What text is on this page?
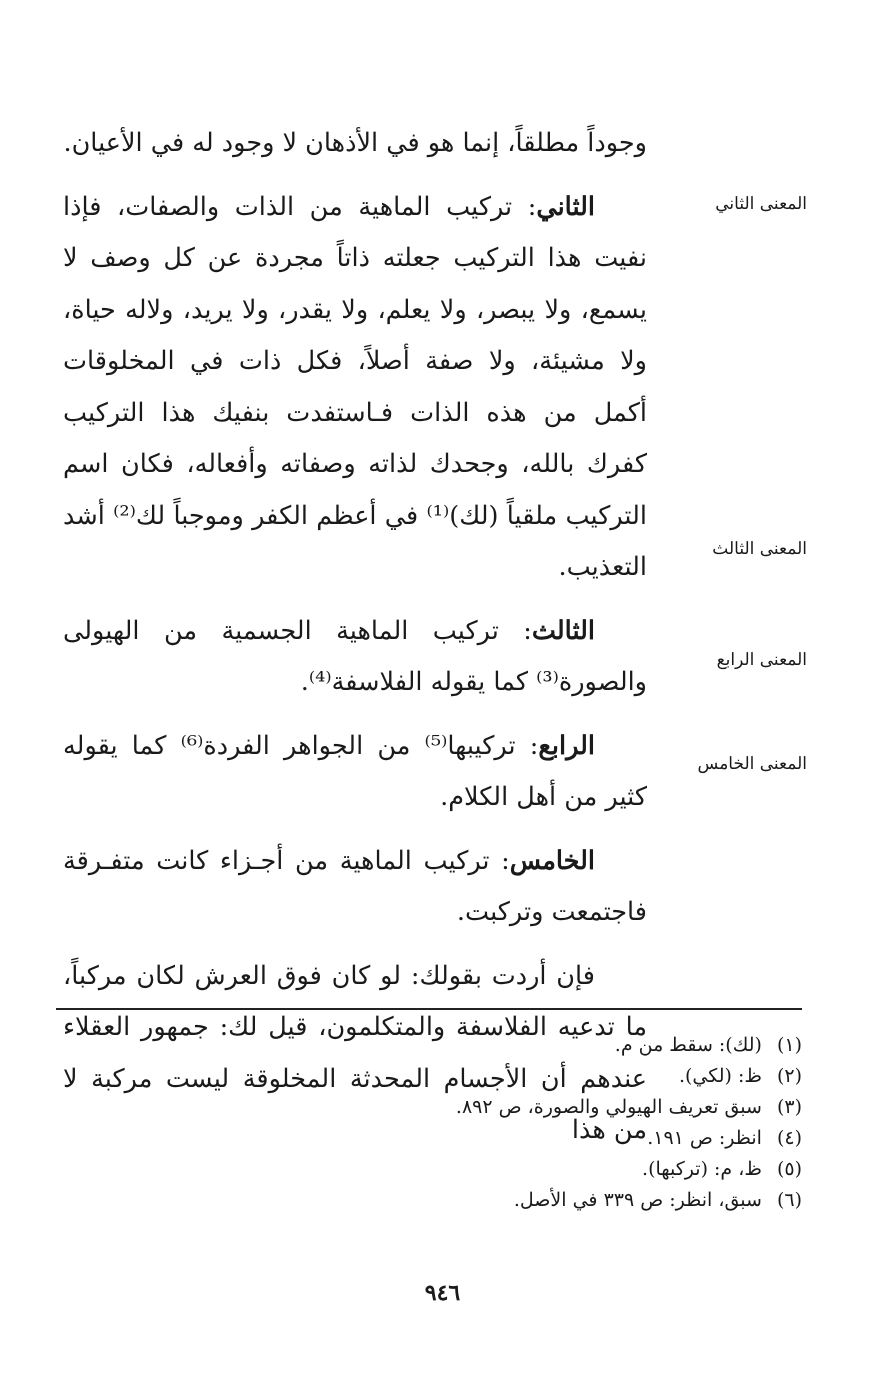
وجوداً مطلقاً، إنما هو في الأذهان لا وجود له في الأعيان.

الثاني: تركيب الماهية من الذات والصفات، فإذا نفيت هذا التركيب جعلته ذاتاً مجردة عن كل وصف لا يسمع، ولا يبصر، ولا يعلم، ولا يقدر، ولا يريد، ولاله حياة، ولا مشيئة، ولا صفة أصلاً، فكل ذات في المخلوقات أكمل من هذه الذات فـاستفدت بنفيك هذا التركيب كفرك بالله، وجحدك لذاته وصفاته وأفعاله، فكان اسم التركيب ملقياً (لك)⁽¹⁾ في أعظم الكفر وموجباً لك⁽²⁾ أشد التعذيب.

الثالث: تركيب الماهية الجسمية من الهيولى والصورة⁽³⁾ كما يقوله الفلاسفة⁽⁴⁾.

الرابع: تركيبها⁽⁵⁾ من الجواهر الفردة⁽⁶⁾ كما يقوله كثير من أهل الكلام.

الخامس: تركيب الماهية من أجـزاء كانت متفـرقة فاجتمعت وتركبت.

فإن أردت بقولك: لو كان فوق العرش لكان مركباً، ما تدعيه الفلاسفة والمتكلمون، قيل لك: جمهور العقلاء عندهم أن الأجسام المحدثة المخلوقة ليست مركبة لا من هذا

المعنى الثاني
المعنى الثالث
المعنى الرابع
المعنى الخامس

(١) (لك): سقط من م.

(٢) ظ: (لكي).

(٣) سبق تعريف الهيولي والصورة، ص ٨٩٢.

(٤) انظر: ص ١٩١.

(٥) ظ، م: (تركبها).

(٦) سبق، انظر: ص ٣٣٩ في الأصل.

٩٤٦
